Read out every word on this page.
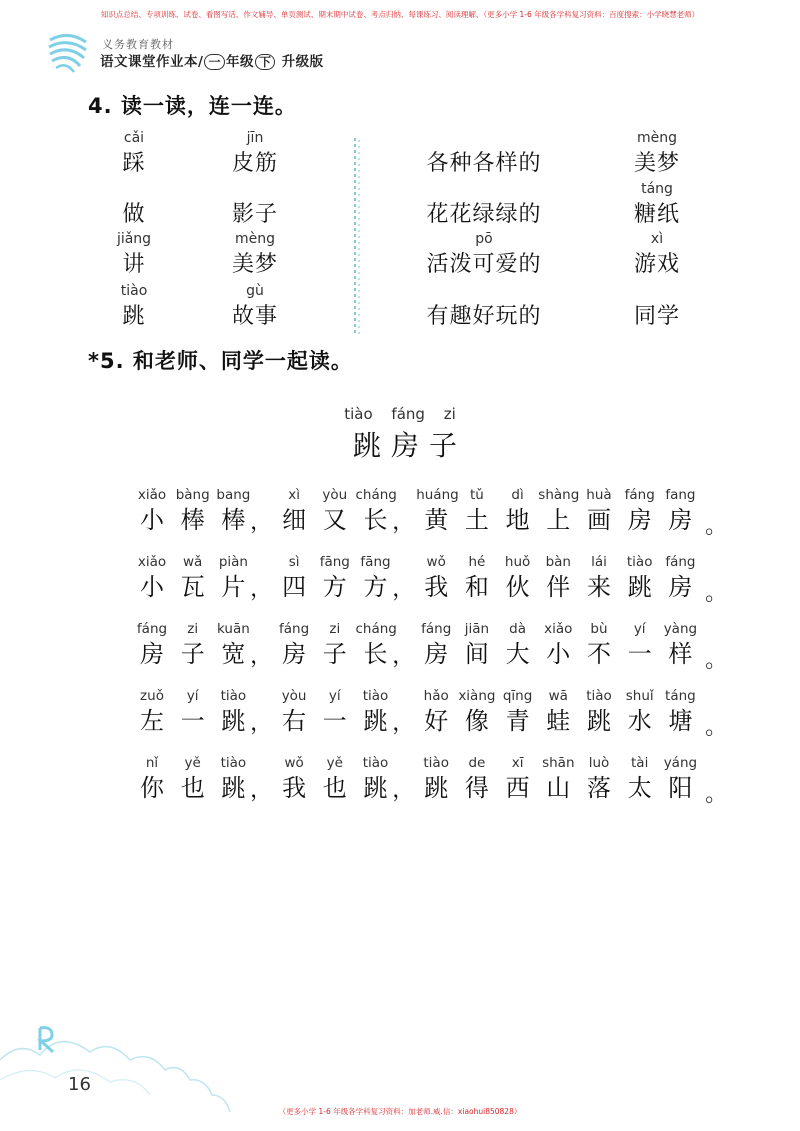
知识点总结、专项训练、试卷、看图写话、作文辅导、单页测试、期末期中试卷、考点归纳、每课练习、阅读理解、（更多小学 1-6 年级各学科复习资料：百度搜索：小学晓慧老师）
义务教育教材
语文课堂作业本/ 一 年级 下 升级版
4. 读一读，连一连。
cǎi
踩
做
jiǎng
讲
tiào
跳
jīn
皮筋
影子
mèng
美梦
gù
故事
各种各样的
花花绿绿的
pō
活泼可爱的
有趣好玩的
mèng
美梦
táng
糖纸
xì
游戏
同学
*5. 和老师、同学一起读。
tiào fáng zi
跳房子
xiǎo
小
bàng
棒
bang
棒 ，
xì
细
yòu
又
cháng
长 ，
huáng
黄
tǔ
土
dì
地
shàng
上
huà
画
fáng
房
fang
房 。
xiǎo
小
wǎ
瓦
piàn
片 ，
sì
四
fāng
方
fāng
方 ，
wǒ
我
hé
和
huǒ
伙
bàn
伴
lái
来
tiào
跳
fáng
房 。
fáng
房
zi
子
kuān
宽 ，
fáng
房
zi
子
cháng
长 ，
fáng
房
jiān
间
dà
大
xiǎo
小
bù
不
yí
一
yàng
样 。
zuǒ
左
yí
一
tiào
跳 ，
yòu
右
yí
一
tiào
跳 ，
hǎo
好
xiàng
像
qīng
青
wā
蛙
tiào
跳
shuǐ
水
táng
塘 。
nǐ
你
yě
也
tiào
跳 ，
wǒ
我
yě
也
tiào
跳 ，
tiào
跳
de
得
xī
西
shān
山
luò
落
tài
太
yáng
阳 。
16
（更多小学 1-6 年级各学科复习资料：加老师.威.信：xiaohui850828）
